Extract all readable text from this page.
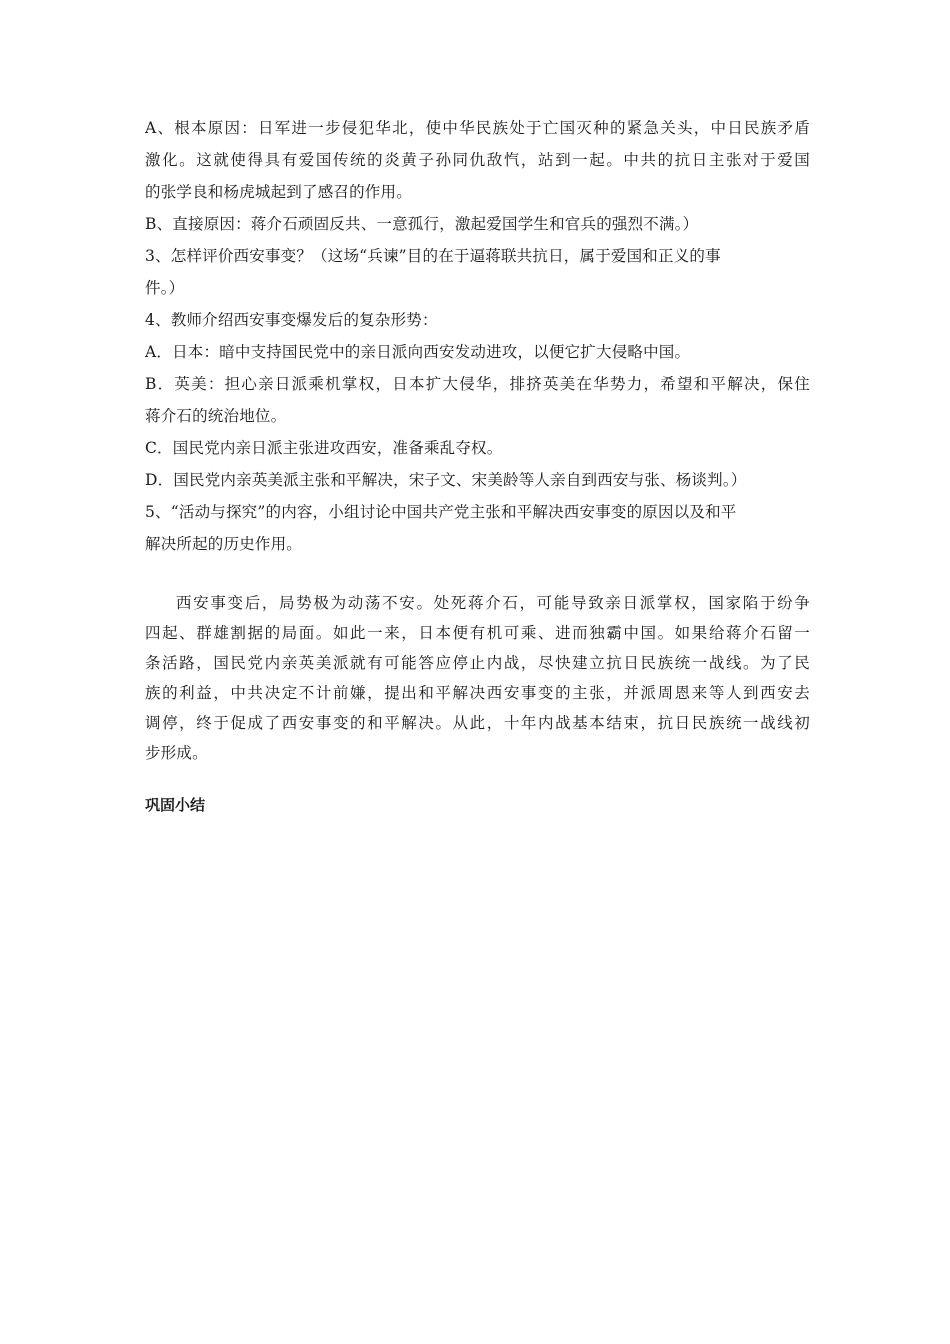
A、根本原因：日军进一步侵犯华北，使中华民族处于亡国灭种的紧急关头，中日民族矛盾
激化。这就使得具有爱国传统的炎黄子孙同仇敌忾，站到一起。中共的抗日主张对于爱国
的张学良和杨虎城起到了感召的作用。
B、直接原因：蒋介石顽固反共、一意孤行，激起爱国学生和官兵的强烈不满。）
3、怎样评价西安事变？（这场“兵谏”目的在于逼蒋联共抗日，属于爱国和正义的事
件。）
4、教师介绍西安事变爆发后的复杂形势：
A．日本：暗中支持国民党中的亲日派向西安发动进攻，以便它扩大侵略中国。
B．英美：担心亲日派乘机掌权，日本扩大侵华，排挤英美在华势力，希望和平解决，保住
蒋介石的统治地位。
C．国民党内亲日派主张进攻西安，准备乘乱夺权。
D．国民党内亲英美派主张和平解决，宋子文、宋美龄等人亲自到西安与张、杨谈判。）
5、“活动与探究”的内容，小组讨论中国共产党主张和平解决西安事变的原因以及和平
解决所起的历史作用。
西安事变后，局势极为动荡不安。处死蒋介石，可能导致亲日派掌权，国家陷于纷争
四起、群雄割据的局面。如此一来，日本便有机可乘、进而独霸中国。如果给蒋介石留一
条活路，国民党内亲英美派就有可能答应停止内战，尽快建立抗日民族统一战线。为了民
族的利益，中共决定不计前嫌，提出和平解决西安事变的主张，并派周恩来等人到西安去
调停，终于促成了西安事变的和平解决。从此，十年内战基本结束，抗日民族统一战线初
步形成。
巩固小结
